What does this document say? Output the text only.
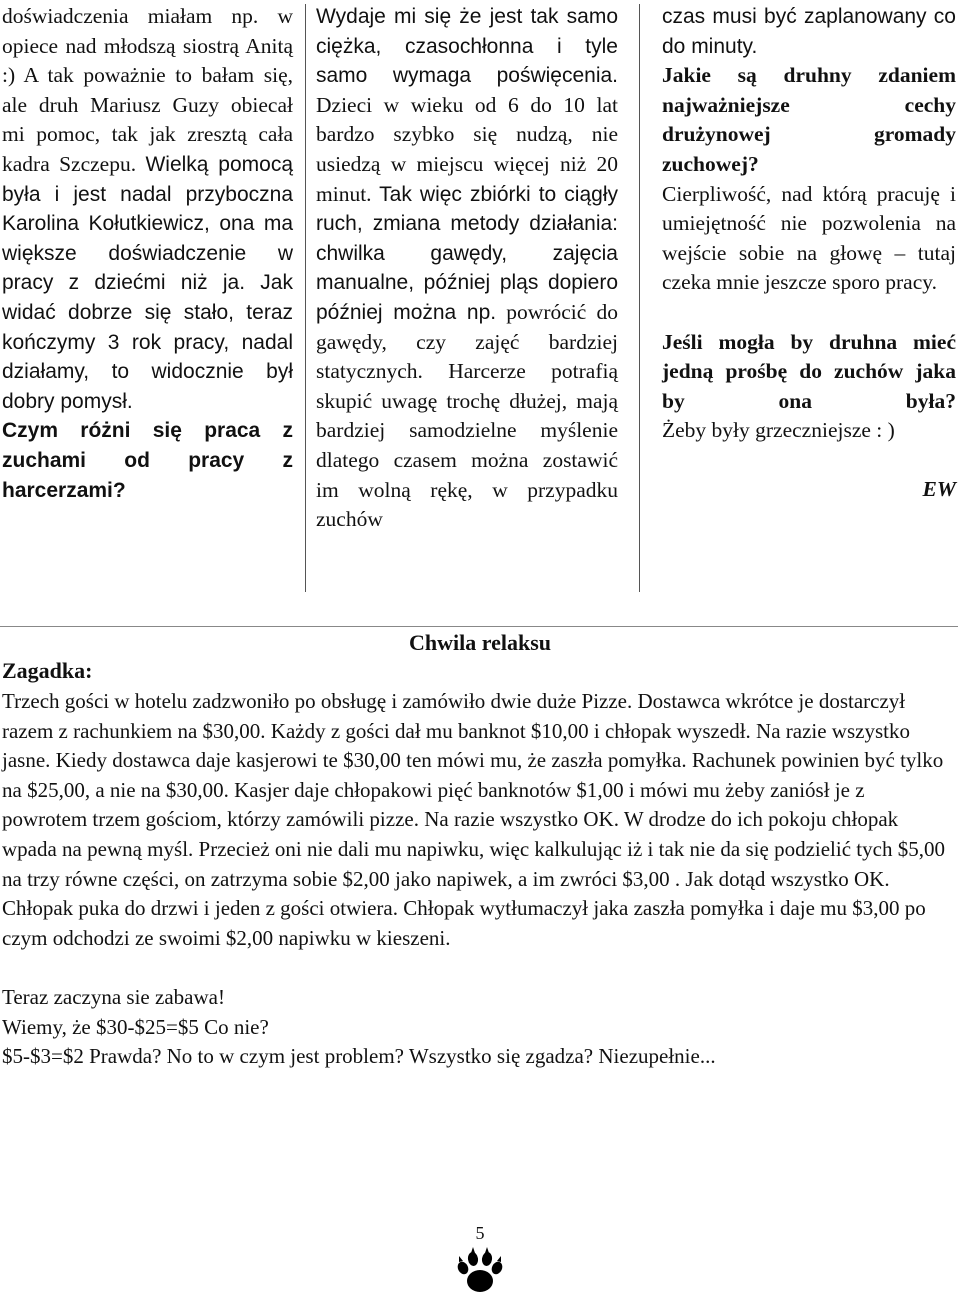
doświadczenia miałam np. w opiece nad młodszą siostrą Anitą :) A tak poważnie to bałam się, ale druh Mariusz Guzy obiecał mi pomoc, tak jak zresztą cała kadra Szczepu. Wielką pomocą była i jest nadal przyboczna Karolina Kołutkiewicz, ona ma większe doświadczenie w pracy z dziećmi niż ja. Jak widać dobrze się stało, teraz kończymy 3 rok pracy, nadal działamy, to widocznie był dobry pomysł.

Czym różni się praca z zuchami od pracy z harcerzami?

Wydaje mi się że jest tak samo ciężka, czasochłonna i tyle samo wymaga poświęcenia. Dzieci w wieku od 6 do 10 lat bardzo szybko się nudzą, nie usiedzą w miejscu więcej niż 20 minut. Tak więc zbiórki to ciągły ruch, zmiana metody działania: chwilka gawędy, zajęcia manualne, później pląs dopiero później można np. powrócić do gawędy, czy zajęć bardziej statycznych. Harcerze potrafią skupić uwagę trochę dłużej, mają bardziej samodzielne myślenie dlatego czasem można zostawić im wolną rękę, w przypadku zuchów

czas musi być zaplanowany co do minuty.

Jakie są druhny zdaniem najważniejsze cechy drużynowej gromady zuchowej?

Cierpliwość, nad którą pracuję i umiejętność nie pozwolenia na wejście sobie na głowę – tutaj czeka mnie jeszcze sporo pracy.

Jeśli mogła by druhna mieć jedną prośbę do zuchów jaka by ona była?

Żeby były grzeczniejsze : )

EW

Chwila relaksu
Zagadka:

Trzech gości w hotelu zadzwoniło po obsługę i zamówiło dwie duże Pizze. Dostawca wkrótce je dostarczył razem z rachunkiem na $30,00. Każdy z gości dał mu banknot $10,00 i chłopak wyszedł. Na razie wszystko jasne. Kiedy dostawca daje kasjerowi te $30,00 ten mówi mu, że zaszła pomyłka. Rachunek powinien być tylko na $25,00, a nie na $30,00. Kasjer daje chłopakowi pięć banknotów $1,00 i mówi mu żeby zaniósł je z powrotem trzem gościom, którzy zamówili pizze. Na razie wszystko OK. W drodze do ich pokoju chłopak wpada na pewną myśl. Przecież oni nie dali mu napiwku, więc kalkulując iż i tak nie da się podzielić tych $5,00 na trzy równe części, on zatrzyma sobie $2,00 jako napiwek, a im zwróci $3,00 . Jak dotąd wszystko OK. Chłopak puka do drzwi i jeden z gości otwiera. Chłopak wytłumaczył jaka zaszła pomyłka i daje mu $3,00 po czym odchodzi ze swoimi $2,00 napiwku w kieszeni.

Teraz zaczyna sie zabawa!

Wiemy, że $30-$25=$5 Co nie?

$5-$3=$2 Prawda? No to w czym jest problem? Wszystko się zgadza? Niezupełnie...

5
